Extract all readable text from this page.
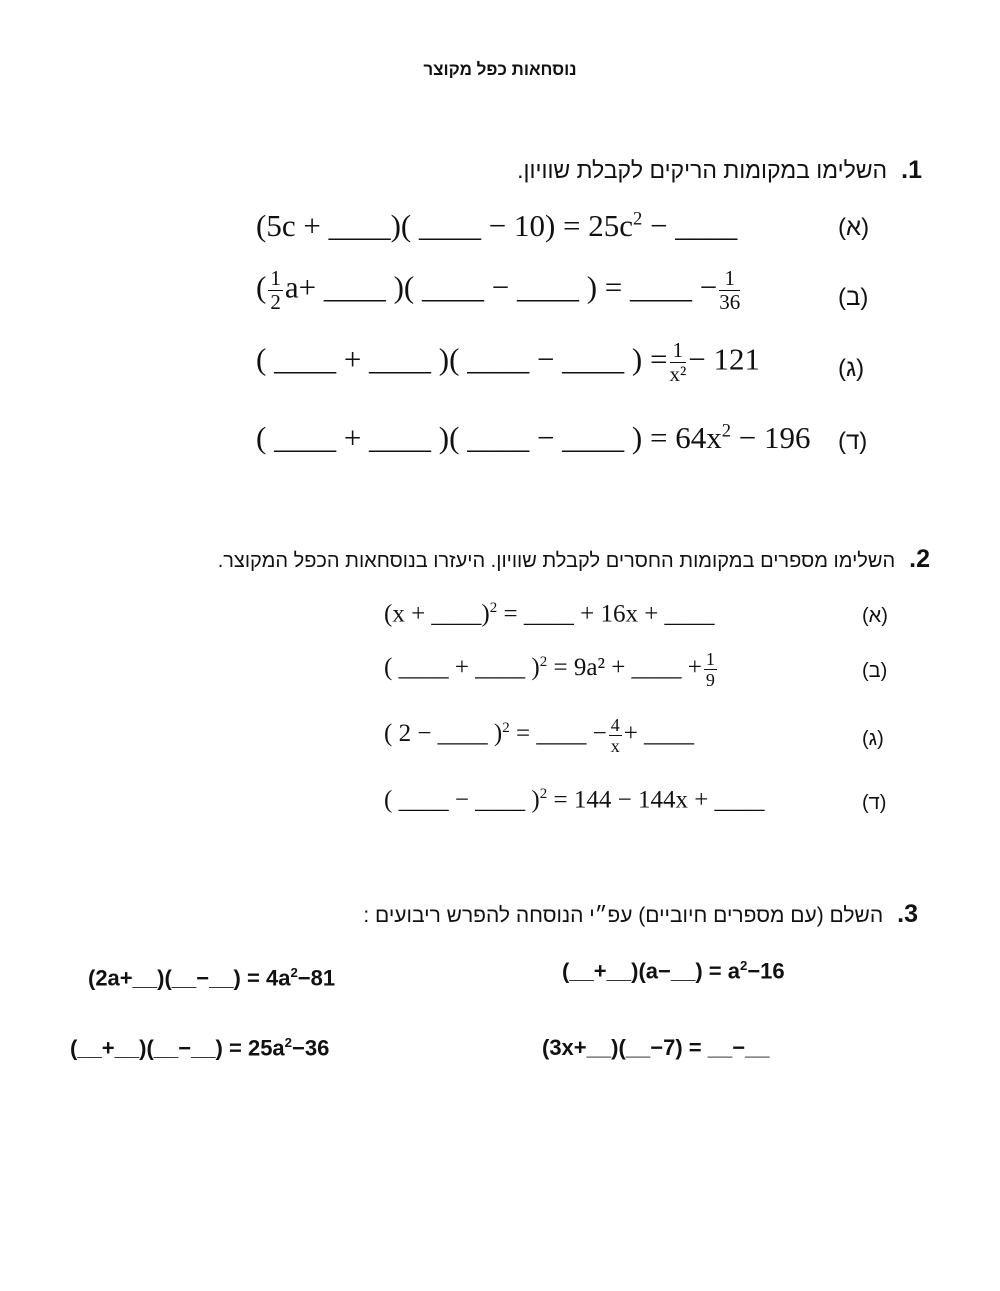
נוסחאות כפל מקוצר
1.השלימו במקומות הריקים לקבלת שוויון.
(5c + ____)( ____ − $10) = 25c^2$ − ____	(א)
( $\frac{1}{2} a+$ ____ )( ____ − ____ ) = ____ − $\frac{1}{36}$	(ב)
( ____ + ____ )( ____ − ____ ) = $\frac{1}{\text{x²}} - 121$	(ג)
( ____ + ____ )( ____ − ____ ) = $64x^2 - 196$ (ד)
2.השלימו מספרים במקומות החסרים לקבלת שוויון. היעזרו בנוסחאות הכפל המקוצר.
(x + ____)$^2$ = ____ + 16x + ____	(א)
( ____ + ____ )$^2$ = 9a² + ____ + $\frac{1}{9}$	(ב)
( 2 − ____ )$^2$ = ____ − $\frac{4}{x}$ + ____	(ג)
( ____ − ____ )$^2$ = 144 − 144x + ____	(ד)
3.השלם (עם מספרים חיוביים) עפ״י הנוסחה להפרש ריבועים :
(__+__)(a−__) = $a^2-16$
(2a+__)(__−__) = $4a^2-81$
(3x+__)(__−7) = __−__
(__+__)(__−__) = $25a^2-36$
